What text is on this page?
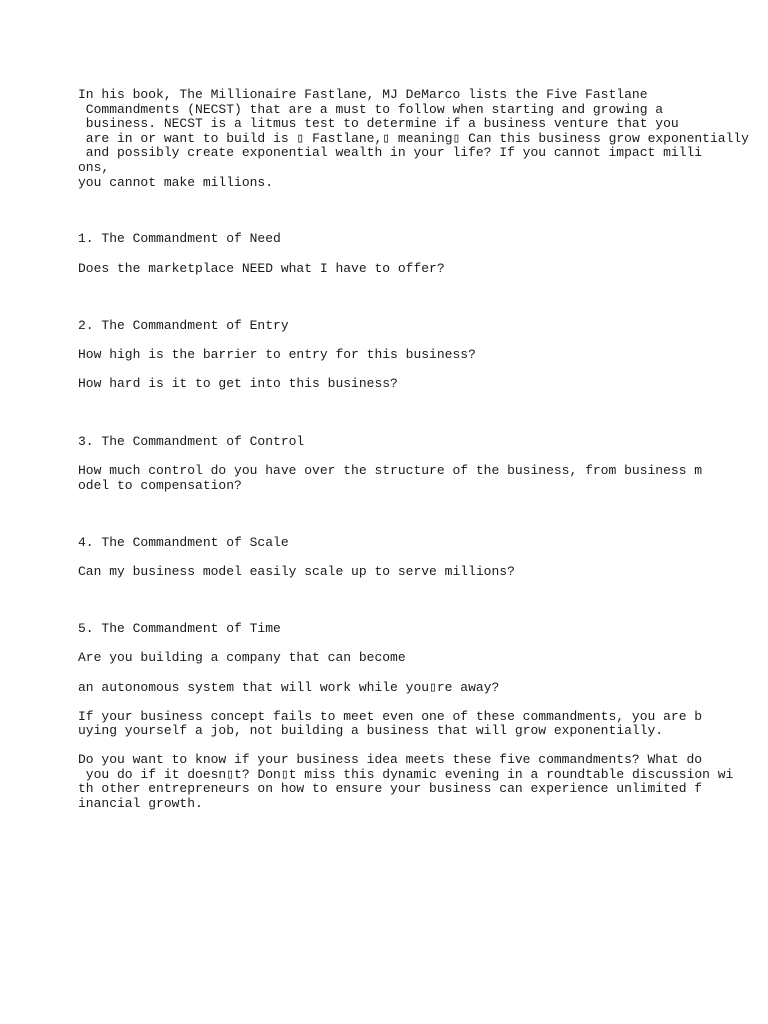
In his book, The Millionaire Fastlane, MJ DeMarco lists the Five Fastlane

Commandments (NECST) that are a must to follow when starting and growing a

business. NECST is a litmus test to determine if a business venture that you

are in or want to build is ▯ Fastlane,▯ meaning▯ Can this business grow exponentially

and possibly create exponential wealth in your life? If you cannot impact milli

ons,

you cannot make millions.

1. The Commandment of Need

Does the marketplace NEED what I have to offer?

2. The Commandment of Entry

How high is the barrier to entry for this business?

How hard is it to get into this business?

3. The Commandment of Control

How much control do you have over the structure of the business, from business m

odel to compensation?

4. The Commandment of Scale

Can my business model easily scale up to serve millions?

5. The Commandment of Time

Are you building a company that can become

an autonomous system that will work while you▯re away?

If your business concept fails to meet even one of these commandments, you are b

uying yourself a job, not building a business that will grow exponentially.

Do you want to know if your business idea meets these five commandments? What do

you do if it doesn▯t? Don▯t miss this dynamic evening in a roundtable discussion wi

th other entrepreneurs on how to ensure your business can experience unlimited f

inancial growth.
